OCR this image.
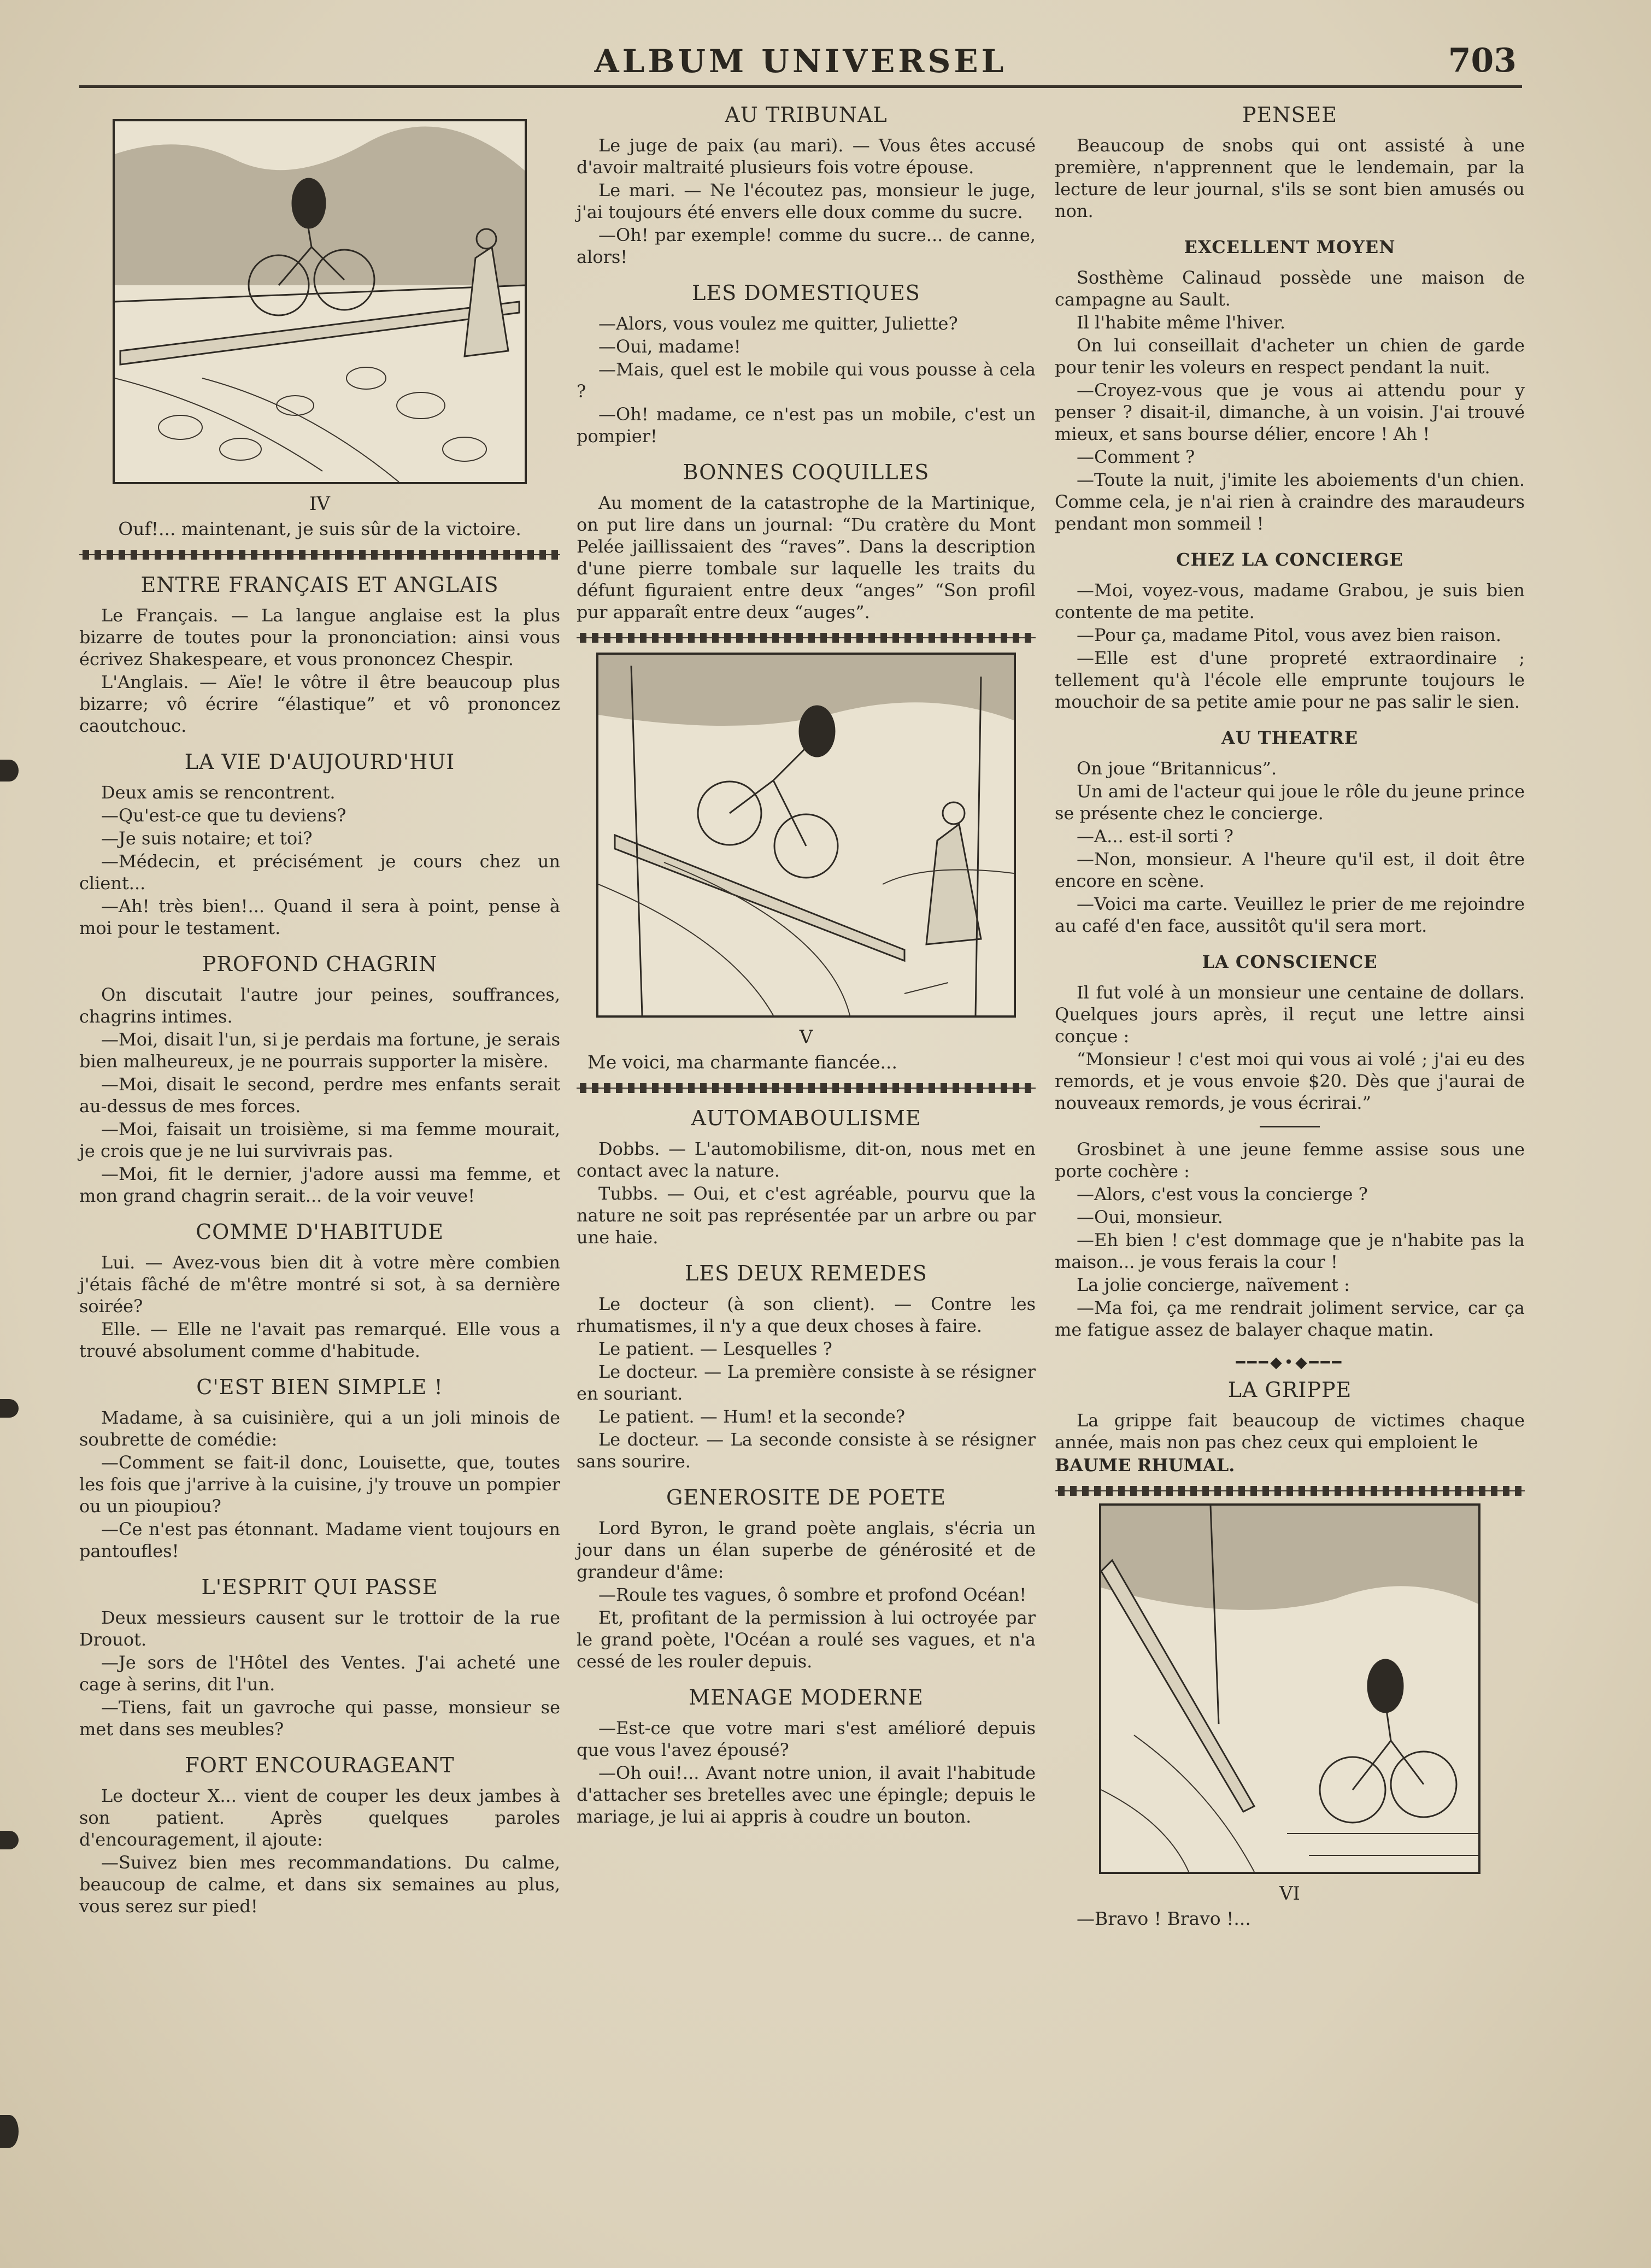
ALBUM UNIVERSEL	703
IV
Ouf!... maintenant, je suis sûr de la victoire.
ENTRE FRANÇAIS ET ANGLAIS

Le Français. — La langue anglaise est la plus bizarre de toutes pour la prononciation: ainsi vous écrivez Shakespeare, et vous prononcez Chespir.

L'Anglais. — Aïe! le vôtre il être beaucoup plus bizarre; vô écrire “élastique” et vô prononcez caoutchouc.

LA VIE D'AUJOURD'HUI

Deux amis se rencontrent.

—Qu'est-ce que tu deviens?

—Je suis notaire; et toi?

—Médecin, et précisément je cours chez un client...

—Ah! très bien!... Quand il sera à point, pense à moi pour le testament.

PROFOND CHAGRIN

On discutait l'autre jour peines, souffrances, chagrins intimes.

—Moi, disait l'un, si je perdais ma fortune, je serais bien malheureux, je ne pourrais supporter la misère.

—Moi, disait le second, perdre mes enfants serait au-dessus de mes forces.

—Moi, faisait un troisième, si ma femme mourait, je crois que je ne lui survivrais pas.

—Moi, fit le dernier, j'adore aussi ma femme, et mon grand chagrin serait... de la voir veuve!

COMME D'HABITUDE

Lui. — Avez-vous bien dit à votre mère combien j'étais fâché de m'être montré si sot, à sa dernière soirée?

Elle. — Elle ne l'avait pas remarqué. Elle vous a trouvé absolument comme d'habitude.

C'EST BIEN SIMPLE !

Madame, à sa cuisinière, qui a un joli minois de soubrette de comédie:

—Comment se fait-il donc, Louisette, que, toutes les fois que j'arrive à la cuisine, j'y trouve un pompier ou un pioupiou?

—Ce n'est pas étonnant. Madame vient toujours en pantoufles!

L'ESPRIT QUI PASSE

Deux messieurs causent sur le trottoir de la rue Drouot.

—Je sors de l'Hôtel des Ventes. J'ai acheté une cage à serins, dit l'un.

—Tiens, fait un gavroche qui passe, monsieur se met dans ses meubles?

FORT ENCOURAGEANT

Le docteur X... vient de couper les deux jambes à son patient. Après quelques paroles d'encouragement, il ajoute:

—Suivez bien mes recommandations. Du calme, beaucoup de calme, et dans six semaines au plus, vous serez sur pied!

AU TRIBUNAL

Le juge de paix (au mari). — Vous êtes accusé d'avoir maltraité plusieurs fois votre épouse.

Le mari. — Ne l'écoutez pas, monsieur le juge, j'ai toujours été envers elle doux comme du sucre.

—Oh! par exemple! comme du sucre... de canne, alors!

LES DOMESTIQUES

—Alors, vous voulez me quitter, Juliette?

—Oui, madame!

—Mais, quel est le mobile qui vous pousse à cela ?

—Oh! madame, ce n'est pas un mobile, c'est un pompier!

BONNES COQUILLES

Au moment de la catastrophe de la Martinique, on put lire dans un journal: “Du cratère du Mont Pelée jaillissaient des “raves”. Dans la description d'une pierre tombale sur laquelle les traits du défunt figuraient entre deux “anges” “Son profil pur apparaît entre deux “auges”.

V
Me voici, ma charmante fiancée...
AUTOMABOULISME

Dobbs. — L'automobilisme, dit-on, nous met en contact avec la nature.

Tubbs. — Oui, et c'est agréable, pourvu que la nature ne soit pas représentée par un arbre ou par une haie.

LES DEUX REMEDES

Le docteur (à son client). — Contre les rhumatismes, il n'y a que deux choses à faire.

Le patient. — Lesquelles ?

Le docteur. — La première consiste à se résigner en souriant.

Le patient. — Hum! et la seconde?

Le docteur. — La seconde consiste à se résigner sans sourire.

GENEROSITE DE POETE

Lord Byron, le grand poète anglais, s'écria un jour dans un élan superbe de générosité et de grandeur d'âme:

—Roule tes vagues, ô sombre et profond Océan!

Et, profitant de la permission à lui octroyée par le grand poète, l'Océan a roulé ses vagues, et n'a cessé de les rouler depuis.

MENAGE MODERNE

—Est-ce que votre mari s'est amélioré depuis que vous l'avez épousé?

—Oh oui!... Avant notre union, il avait l'habitude d'attacher ses bretelles avec une épingle; depuis le mariage, je lui ai appris à coudre un bouton.

PENSEE

Beaucoup de snobs qui ont assisté à une première, n'apprennent que le lendemain, par la lecture de leur journal, s'ils se sont bien amusés ou non.

EXCELLENT MOYEN

Sosthème Calinaud possède une maison de campagne au Sault.

Il l'habite même l'hiver.

On lui conseillait d'acheter un chien de garde pour tenir les voleurs en respect pendant la nuit.

—Croyez-vous que je vous ai attendu pour y penser ? disait-il, dimanche, à un voisin. J'ai trouvé mieux, et sans bourse délier, encore ! Ah !

—Comment ?

—Toute la nuit, j'imite les aboiements d'un chien. Comme cela, je n'ai rien à craindre des maraudeurs pendant mon sommeil !

CHEZ LA CONCIERGE

—Moi, voyez-vous, madame Grabou, je suis bien contente de ma petite.

—Pour ça, madame Pitol, vous avez bien raison.

—Elle est d'une propreté extraordinaire ; tellement qu'à l'école elle emprunte toujours le mouchoir de sa petite amie pour ne pas salir le sien.

AU THEATRE

On joue “Britannicus”.

Un ami de l'acteur qui joue le rôle du jeune prince se présente chez le concierge.

—A... est-il sorti ?

—Non, monsieur. A l'heure qu'il est, il doit être encore en scène.

—Voici ma carte. Veuillez le prier de me rejoindre au café d'en face, aussitôt qu'il sera mort.

LA CONSCIENCE

Il fut volé à un monsieur une centaine de dollars. Quelques jours après, il reçut une lettre ainsi conçue :

“Monsieur ! c'est moi qui vous ai volé ; j'ai eu des remords, et je vous envoie $20. Dès que j'aurai de nouveaux remords, je vous écrirai.”

Grosbinet à une jeune femme assise sous une porte cochère :

—Alors, c'est vous la concierge ?

—Oui, monsieur.

—Eh bien ! c'est dommage que je n'habite pas la maison... je vous ferais la cour !

La jolie concierge, naïvement :

—Ma foi, ça me rendrait joliment service, car ça me fatigue assez de balayer chaque matin.

━━━◆•◆━━━
LA GRIPPE

La grippe fait beaucoup de victimes chaque année, mais non pas chez ceux qui emploient le

BAUME RHUMAL.

VI
—Bravo ! Bravo !...
